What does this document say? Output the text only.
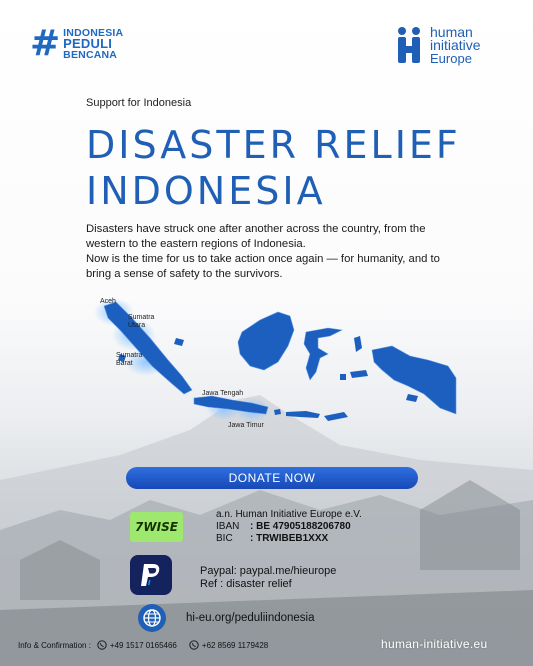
# INDONESIA
PEDULI
BENCANA
human
initiative
Europe
Support for Indonesia
DISASTER RELIEF
INDONESIA

Disasters have struck one after another across the country, from the western to the eastern regions of Indonesia.

Now is the time for us to take action once again — for humanity, and to bring a sense of safety to the survivors.

Aceh
Sumatra
Utara
Sumatra
Barat
Jawa Tengah
Jawa Timur
DONATE NOW
7WISE
a.n. Human Initiative Europe e.V.
IBAN	: BE 47905188206780
BIC	: TRWIBEB1XXX
Paypal: paypal.me/hieurope
Ref : disaster relief
hi-eu.org/peduliindonesia
Info & Confirmation : +49 1517 0165466	+62 8569 1179428	human-initiative.eu
